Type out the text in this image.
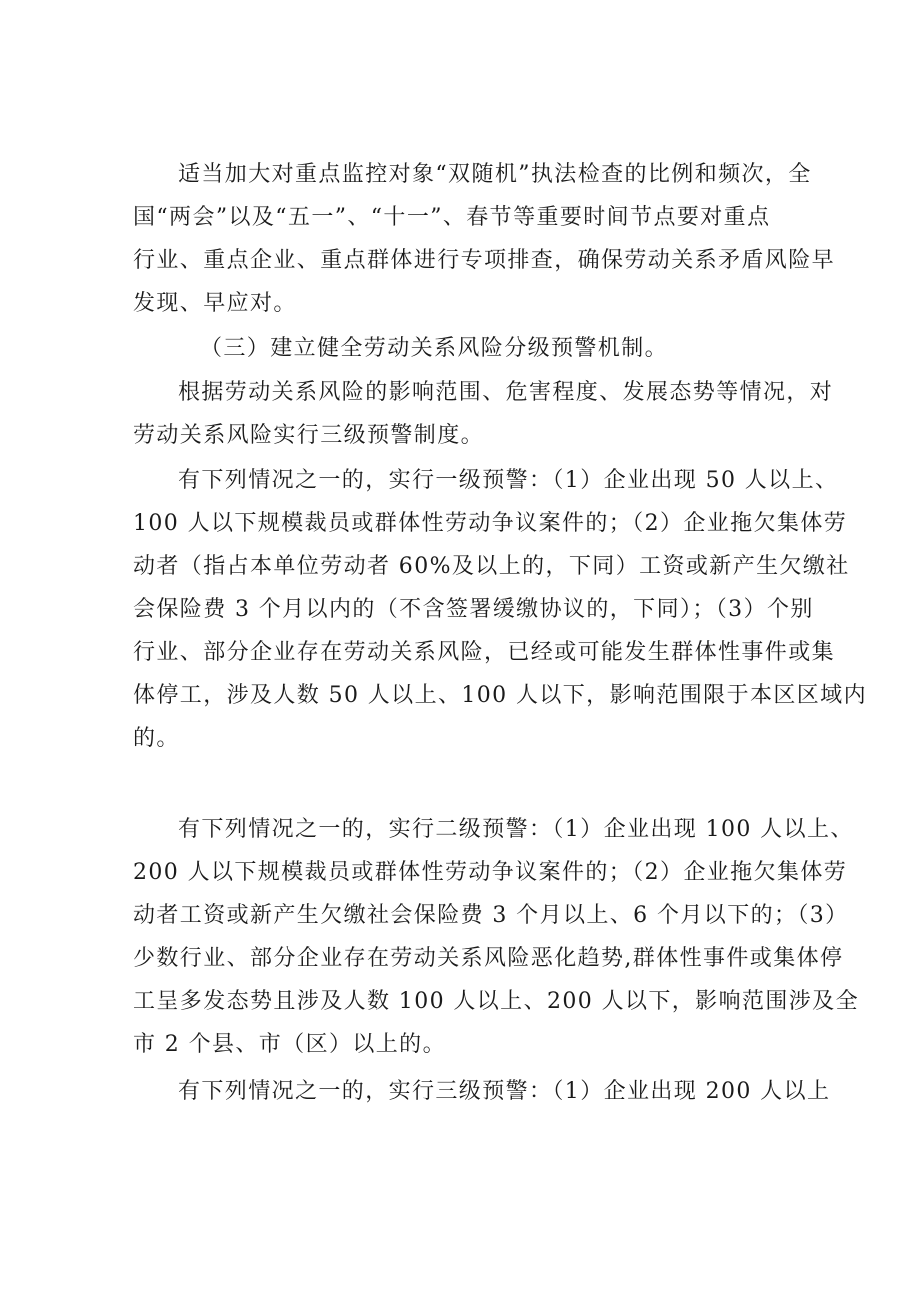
适当加大对重点监控对象“双随机”执法检查的比例和频次，全
国“两会”以及“五一”、“十一”、春节等重要时间节点要对重点
行业、重点企业、重点群体进行专项排查，确保劳动关系矛盾风险早
发现、早应对。
（三）建立健全劳动关系风险分级预警机制。
根据劳动关系风险的影响范围、危害程度、发展态势等情况，对
劳动关系风险实行三级预警制度。
有下列情况之一的，实行一级预警：（1）企业出现 50 人以上、
100 人以下规模裁员或群体性劳动争议案件的；（2）企业拖欠集体劳
动者（指占本单位劳动者 60%及以上的，下同）工资或新产生欠缴社
会保险费 3 个月以内的（不含签署缓缴协议的，下同）；（3）个别
行业、部分企业存在劳动关系风险，已经或可能发生群体性事件或集
体停工，涉及人数 50 人以上、100 人以下，影响范围限于本区区域内
的。
有下列情况之一的，实行二级预警：（1）企业出现 100 人以上、
200 人以下规模裁员或群体性劳动争议案件的；（2）企业拖欠集体劳
动者工资或新产生欠缴社会保险费 3 个月以上、6 个月以下的；（3）
少数行业、部分企业存在劳动关系风险恶化趋势,群体性事件或集体停
工呈多发态势且涉及人数 100 人以上、200 人以下，影响范围涉及全
市 2 个县、市（区）以上的。
有下列情况之一的，实行三级预警：（1）企业出现 200 人以上
